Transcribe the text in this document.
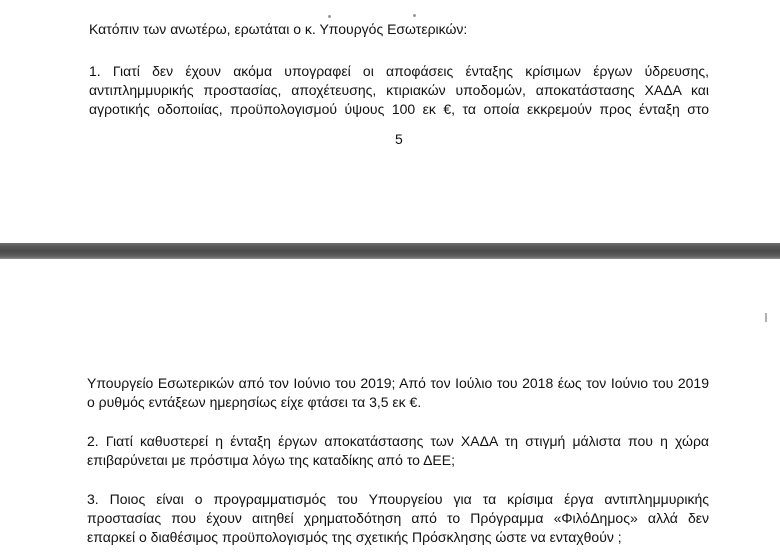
Κατόπιν των ανωτέρω, ερωτάται ο κ. Υπουργός Εσωτερικών:
1. Γιατί δεν έχουν ακόμα υπογραφεί οι αποφάσεις ένταξης κρίσιμων έργων ύδρευσης,
αντιπλημμυρικής προστασίας, αποχέτευσης, κτιριακών υποδομών, αποκατάστασης ΧΑΔΑ και
αγροτικής οδοποιίας, προϋπολογισμού ύψους 100 εκ €, τα οποία εκκρεμούν προς ένταξη στο
5
Υπουργείο Εσωτερικών από τον Ιούνιο του 2019; Από τον Ιούλιο του 2018 έως τον Ιούνιο του 2019
ο ρυθμός εντάξεων ημερησίως είχε φτάσει τα 3,5 εκ €.
2. Γιατί καθυστερεί η ένταξη έργων αποκατάστασης των ΧΑΔΑ τη στιγμή μάλιστα που η χώρα
επιβαρύνεται με πρόστιμα λόγω της καταδίκης από το ΔΕΕ;
3. Ποιος είναι ο προγραμματισμός του Υπουργείου για τα κρίσιμα έργα αντιπλημμυρικής
προστασίας που έχουν αιτηθεί χρηματοδότηση από το Πρόγραμμα «ΦιλόΔημος» αλλά δεν
επαρκεί ο διαθέσιμος προϋπολογισμός της σχετικής Πρόσκλησης ώστε να ενταχθούν ;
